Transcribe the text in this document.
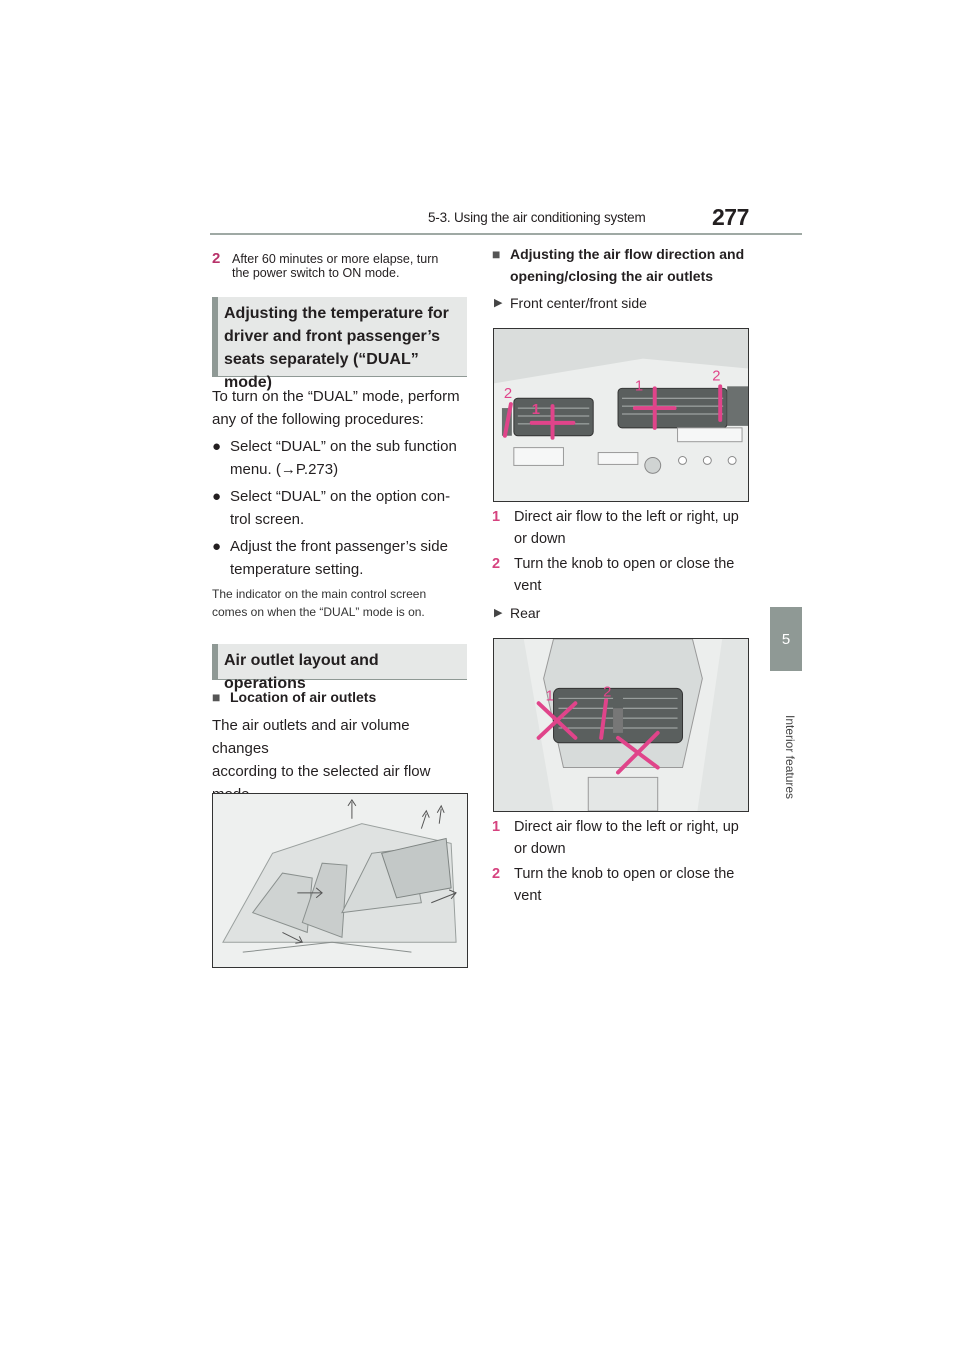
5-3. Using the air conditioning system	277
5
Interior features
2 After 60 minutes or more elapse, turn
the power switch to ON mode.
Adjusting the temperature for
driver and front passenger’s
seats separately (“DUAL” mode)
To turn on the “DUAL” mode, perform
any of the following procedures:
● Select “DUAL” on the sub function
menu. (→P.273)
● Select “DUAL” on the option con-
trol screen.
● Adjust the front passenger’s side
temperature setting.
The indicator on the main control screen
comes on when the “DUAL” mode is on.
Air outlet layout and operations
■ Location of air outlets
The air outlets and air volume changes
according to the selected air flow
■ Adjusting the air flow direction and
opening/closing the air outlets
▶ Front center/front side
2
1
1
2
1 Direct air flow to the left or right, up
or down
2 Turn the knob to open or close the
vent
▶ Rear
1	2
1 Direct air flow to the left or right, up
or down
2 Turn the knob to open or close the
vent
